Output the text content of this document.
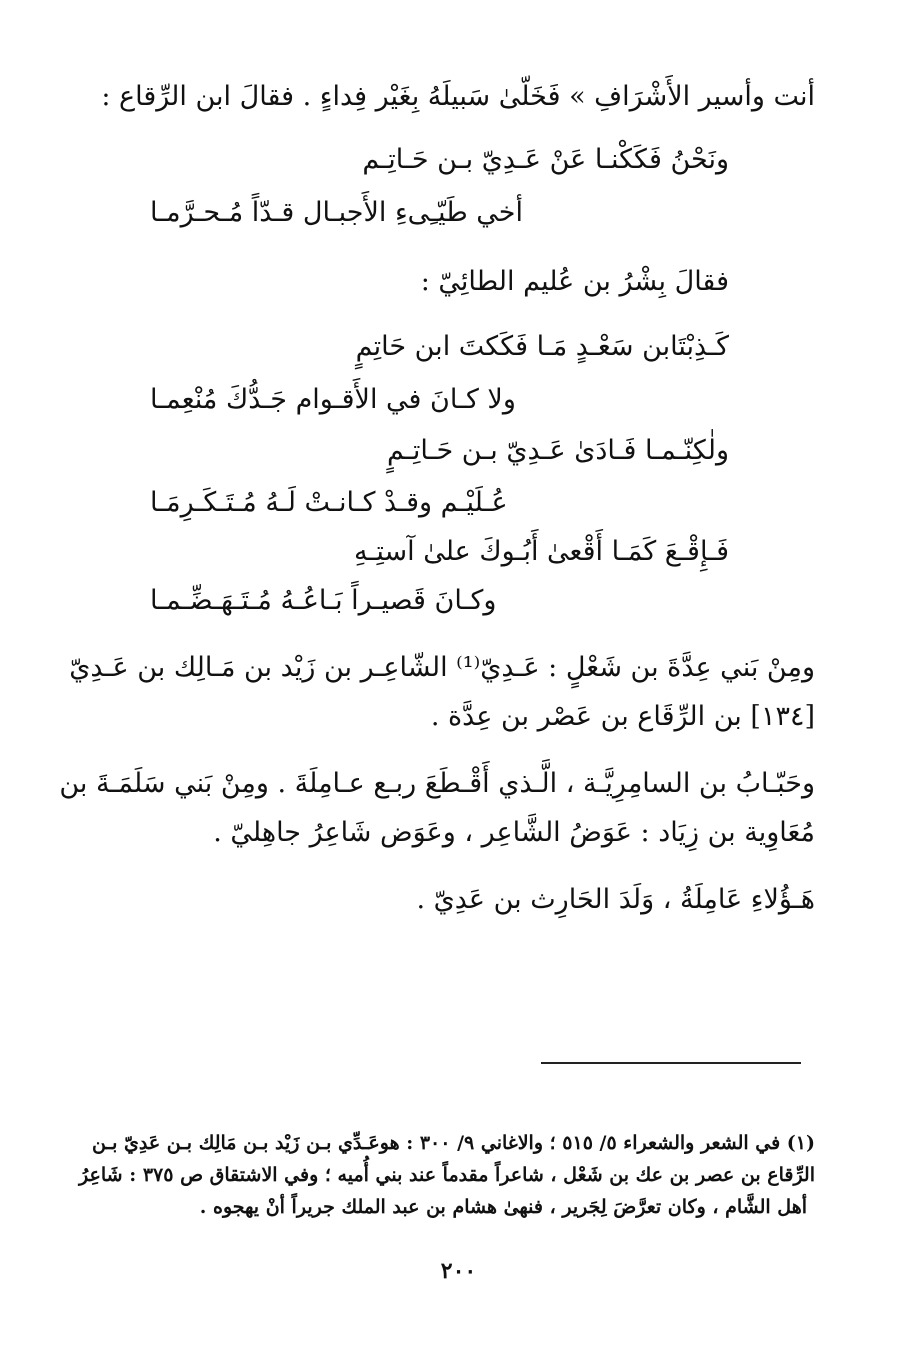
أنت وأسير الأَشْرَافِ » فَخَلّىٰ سَبيلَهُ بِغَيْر فِداءٍ . فقالَ ابن الرِّقاع :
ونَحْنُ فَكَكْنـا عَنْ عَـدِيّ بـن حَـاتِـم
أخي طَيّـِىءِ الأَجبـال قـدّاً مُـحـرَّمـا
فقالَ بِشْرُ بن عُليم الطائِيّ :
كَـذِبْتَابن سَعْـدٍ مَـا فَكَكتَ ابن حَاتِمٍ
ولا كـانَ في الأَقـوام جَـدُّكَ مُنْعِمـا
ولٰكِنّـمـا فَـادَىٰ عَـدِيّ بـن حَـاتِـمٍ
عُـلَيْـم وقـدْ كـانـتْ لَـهُ مُـتَـكَـرِمَـا
فَـإِقْـعَ كَمَـا أَقْعىٰ أَبُـوكَ علىٰ آستِـهِ
وكـانَ قَصيـراً بَـاعُـهُ مُـتَـهَـضِّـمـا
ومِنْ بَني عِدَّةَ بن شَعْلٍ : عَـدِيّ⁽¹⁾ الشّاعِـر بن زَيْد بن مَـالِك بن عَـدِيّ
[١٣٤] بن الرِّقَاع بن عَصْر بن عِدَّة .
وحَبّـابُ بن السامِرِيَّـة ، الَّـذي أَقْـطَعَ ربـع عـامِلَةَ . ومِنْ بَني سَلَمَـةَ بن
مُعَاوِية بن زِيَاد : عَوَضُ الشَّاعِر ، وعَوَض شَاعِرُ جاهِليّ .
هَـؤُلاءِ عَامِلَةُ ، وَلَدَ الحَارِث بن عَدِيّ .
(١) في الشعر والشعراء ٥/ ٥١٥ ؛ والاغاني ٩/ ٣٠٠ : هوعَـدِّي بـن زَيْد بـن مَالِك بـن عَدِيّ بـن
الرِّقاع بن عصر بن عك بن شَعْل ، شاعراً مقدماً عند بني أُميه ؛ وفي الاشتقاق ص ٣٧٥ : شَاعِرُ
أهل الشَّام ، وكان تعرَّضَ لِجَرير ، فنهىٰ هشام بن عبد الملك جريراً أنْ يهجوه .
٢٠٠
